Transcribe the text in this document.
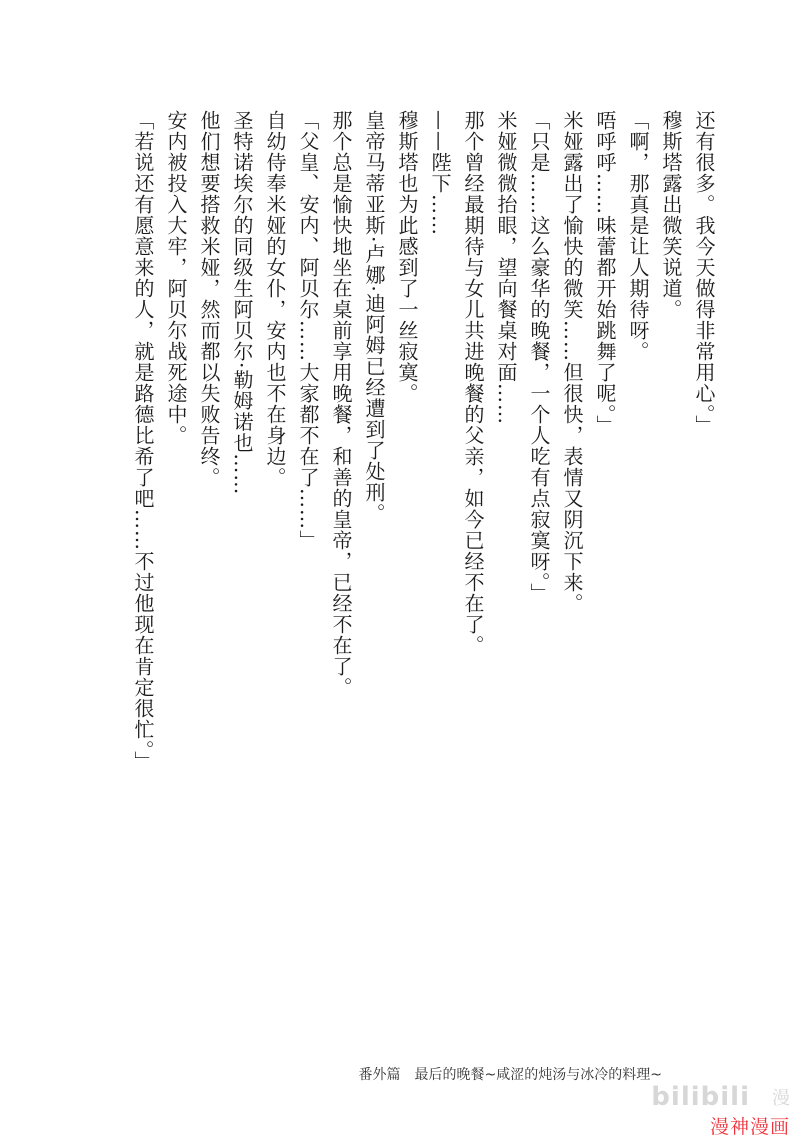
还有很多。我今天做得非常用心。」
穆斯塔露出微笑说道。
「啊，那真是让人期待呀。
唔呼呼……味蕾都开始跳舞了呢。」
米娅露出了愉快的微笑……但很快，表情又阴沉下来。
「只是……这么豪华的晚餐，一个人吃有点寂寞呀。」
米娅微微抬眼，望向餐桌对面……
那个曾经最期待与女儿共进晚餐的父亲，如今已经不在了。
——陛下……
穆斯塔也为此感到了一丝寂寞。
皇帝马蒂亚斯·卢娜·迪阿姆已经遭到了处刑。
那个总是愉快地坐在桌前享用晚餐，和善的皇帝，已经不在了。
「父皇、安内、阿贝尔……大家都不在了……」
自幼侍奉米娅的女仆，安内也不在身边。
圣特诺埃尔的同级生阿贝尔·勒姆诺也……
他们想要搭救米娅，然而都以失败告终。
安内被投入大牢，阿贝尔战死途中。
「若说还有愿意来的人，就是路德比希了吧……不过他现在肯定很忙。」
番外篇　最后的晚餐~咸涩的炖汤与冰冷的料理~
bilibili 漫
漫神漫画
